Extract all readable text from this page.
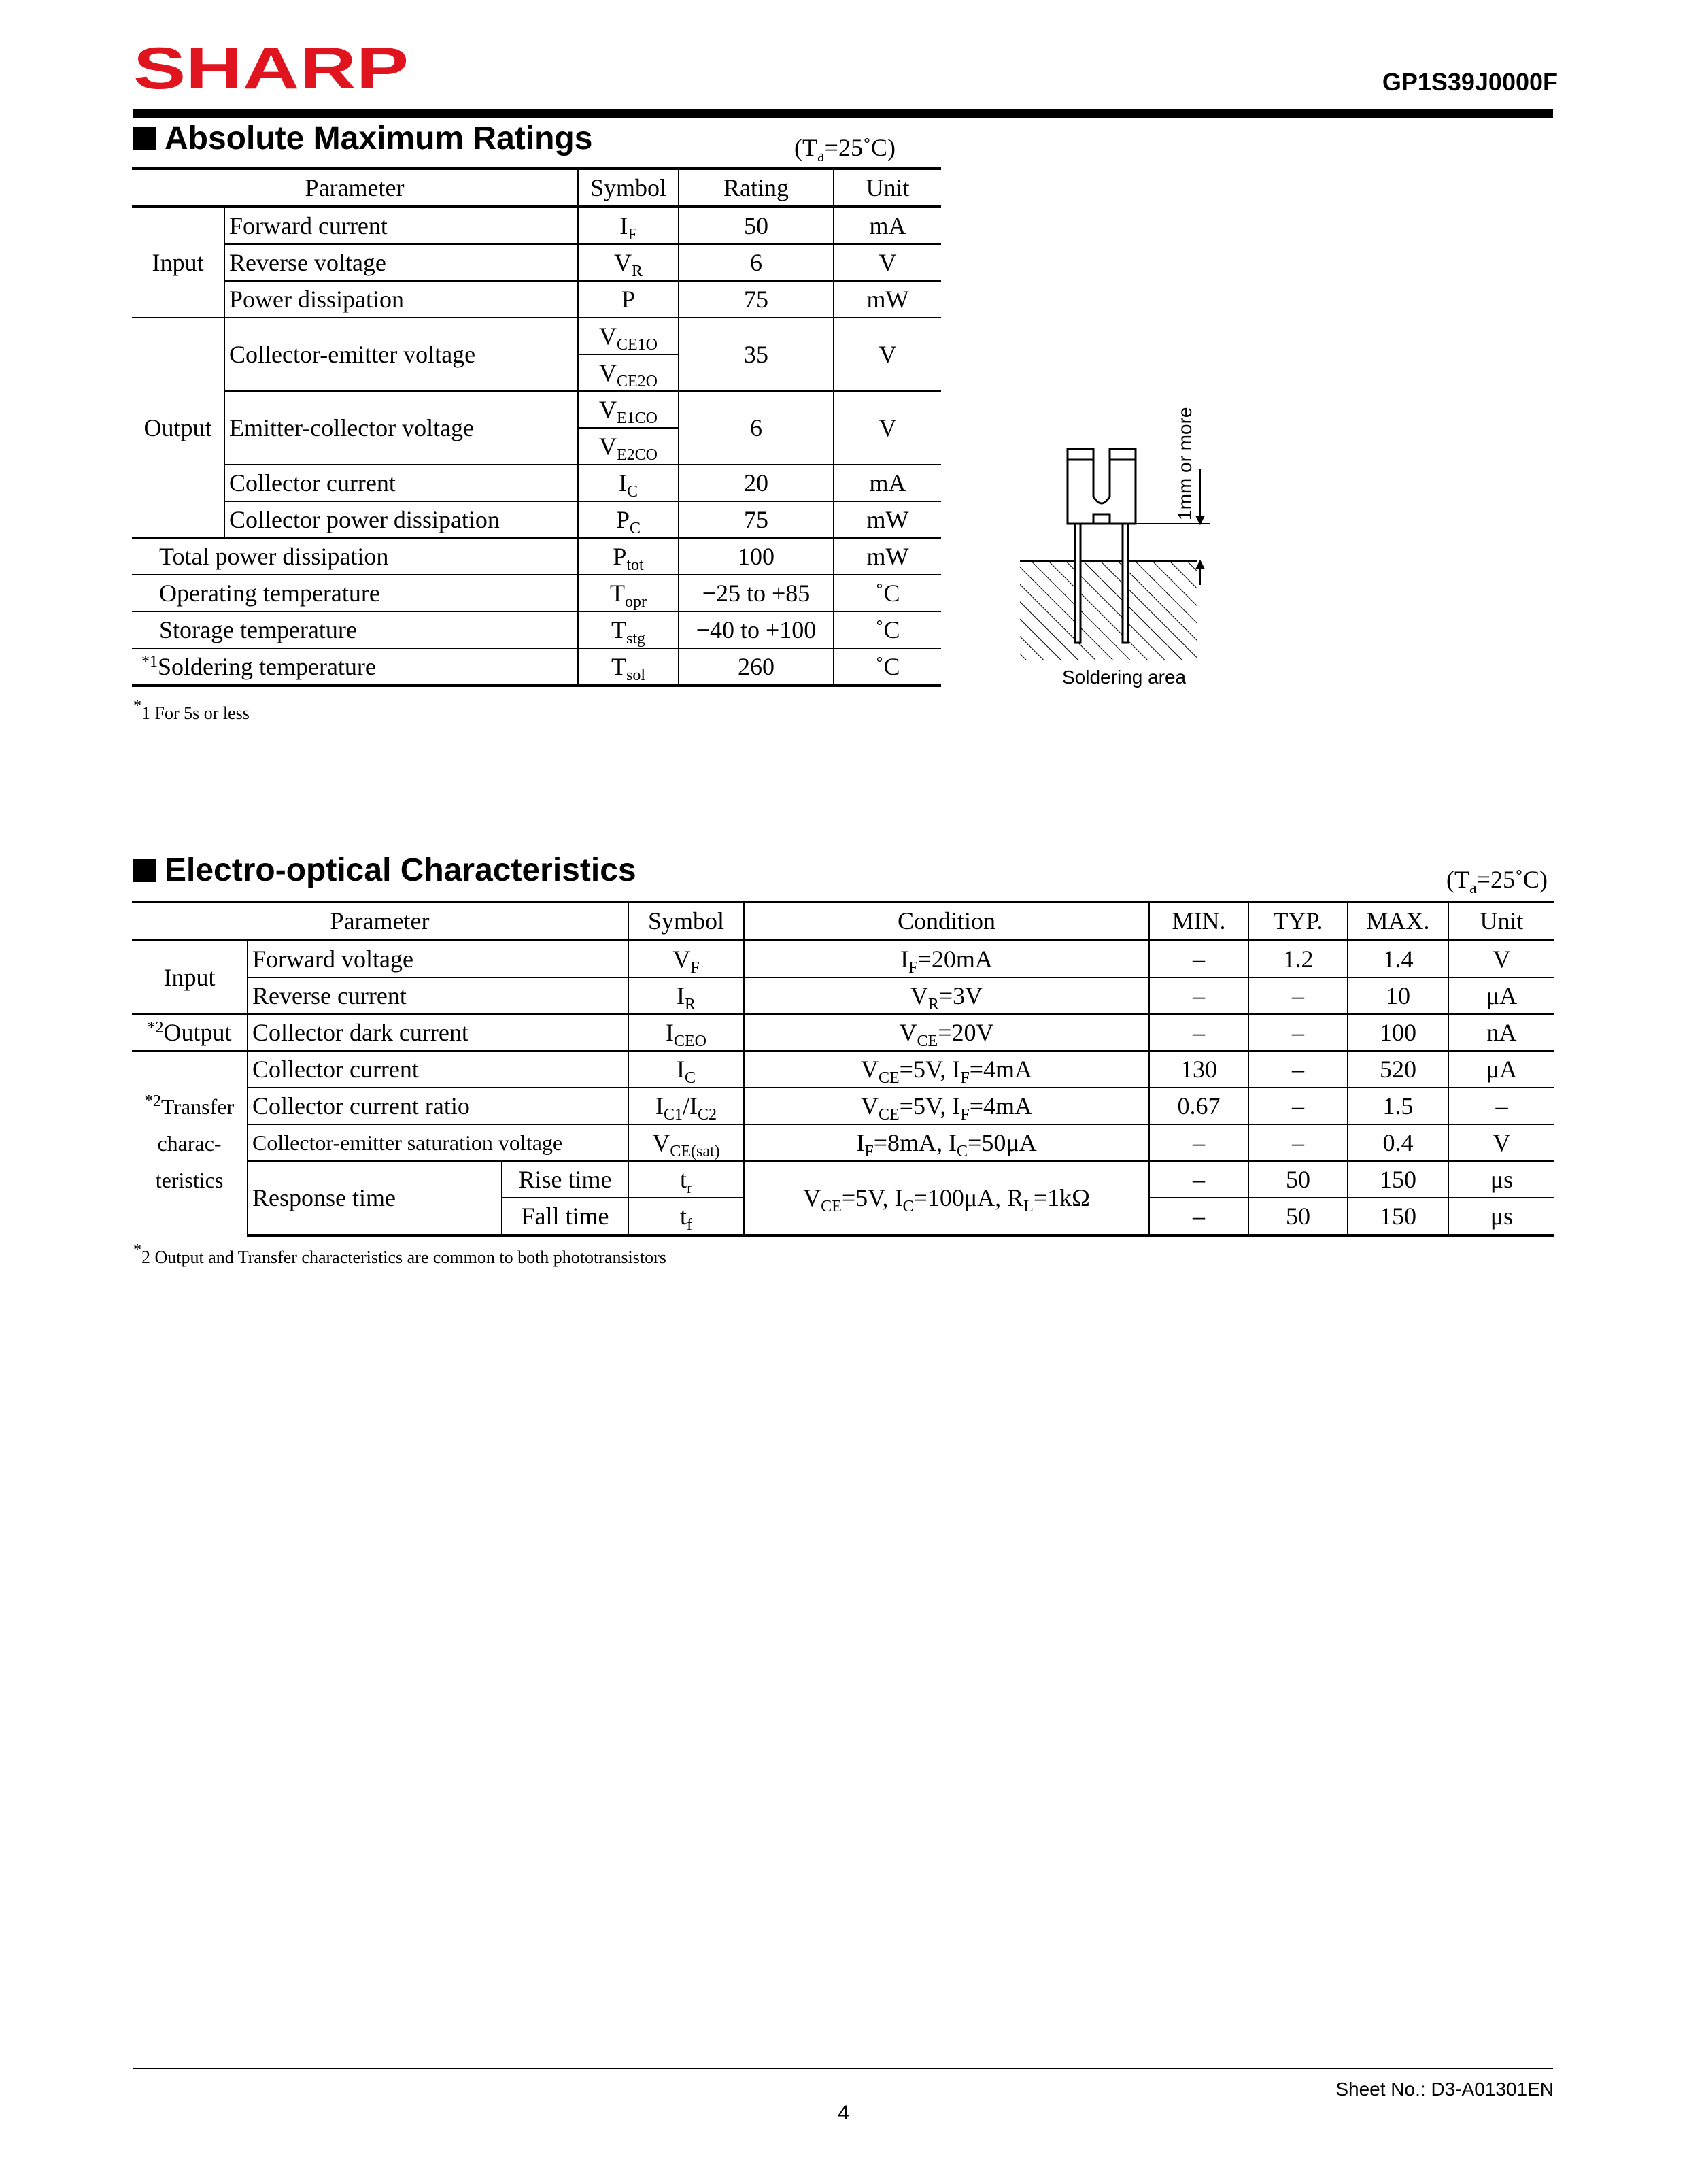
SHARP	GP1S39J0000F
Absolute Maximum Ratings	$(T_a=25˚C)$
Parameter		Symbol	Rating	Unit
Input	Forward current	$I_F$	50	mA
	Reverse voltage	$V_R$	6	V
	Power dissipation	P	75	mW
Output	Collector-emitter voltage	$V_{CE1O}$	35	V
		$V_{CE2O}$
	Emitter-collector voltage	$V_{E1CO}$	6	V
		$V_{E2CO}$
	Collector current	$I_C$	20	mA
	Collector power dissipation	$P_C$	75	mW
Total power dissipation		$P_{tot}$	100	mW
Operating temperature		$T_{opr}$	−25 to +85	˚C
Storage temperature		$T_{stg}$	−40 to +100	˚C
$^{*1}$Soldering temperature		$T_{sol}$	260	˚C
*1 For 5s or less
1mm or more
Soldering area
Electro-optical Characteristics	$(T_a=25˚C)$
Parameter			Symbol	Condition	MIN.	TYP.	MAX.	Unit
Input	Forward voltage		$V_F$	$I_F=20mA$	–	1.2	1.4	V
	Reverse current		$I_R$	$V_R=3V$	–	–	10	μA
$^{*2}$Output	Collector dark current		$I_{CEO}$	$V_{CE}=20V$	–	–	100	nA

$^{*2}$Transfer
charac-
teristics	Collector current		$I_C$	$V_{CE}=5V$, $I_F=4mA$	130	–	520	μA
	Collector current ratio		$I_{C1}/I_{C2}$	$V_{CE}=5V$, $I_F=4mA$	0.67	–	1.5	–
	Collector-emitter saturation voltage		$V_{CE(sat)}$	$I_F=8mA$, $I_C=50\mu A$	–	–	0.4	V
	Response time	Rise time	$t_r$	$V_{CE}=5V$, $I_C=100\mu A$, $R_L=1k\Omega$	–	50	150	μs
		Fall time	$t_f$		–	50	150	μs
*2 Output and Transfer characteristics are common to both phototransistors
Sheet No.: D3-A01301EN
4
